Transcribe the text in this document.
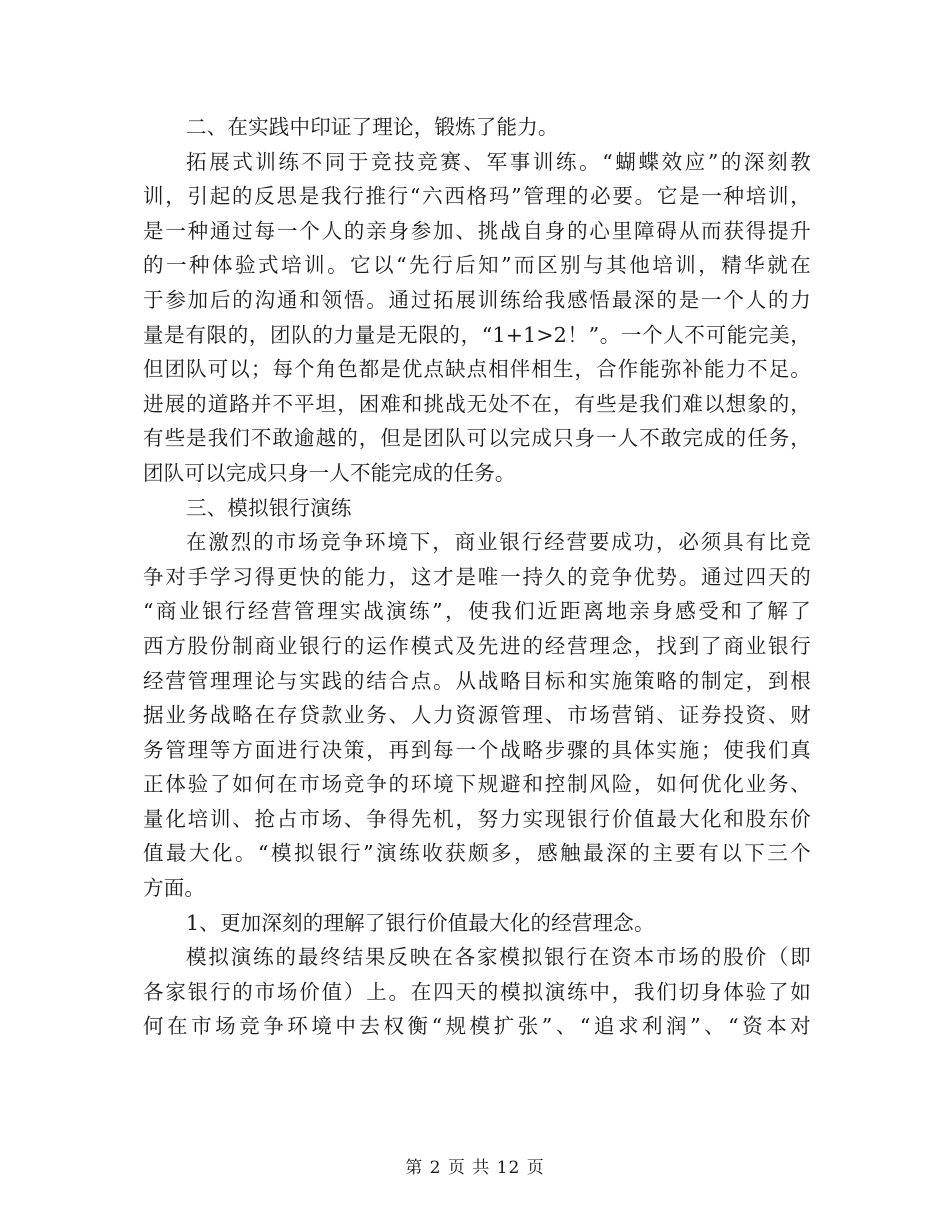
二、在实践中印证了理论，锻炼了能力。
拓展式训练不同于竞技竞赛、军事训练。“蝴蝶效应”的深刻教
训，引起的反思是我行推行“六西格玛”管理的必要。它是一种培训，
是一种通过每一个人的亲身参加、挑战自身的心里障碍从而获得提升
的一种体验式培训。它以“先行后知”而区别与其他培训，精华就在
于参加后的沟通和领悟。通过拓展训练给我感悟最深的是一个人的力
量是有限的，团队的力量是无限的，“1+1>2！”。一个人不可能完美，
但团队可以；每个角色都是优点缺点相伴相生，合作能弥补能力不足。
进展的道路并不平坦，困难和挑战无处不在，有些是我们难以想象的，
有些是我们不敢逾越的，但是团队可以完成只身一人不敢完成的任务，
团队可以完成只身一人不能完成的任务。
三、模拟银行演练
在激烈的市场竞争环境下，商业银行经营要成功，必须具有比竞
争对手学习得更快的能力，这才是唯一持久的竞争优势。通过四天的
“商业银行经营管理实战演练”，使我们近距离地亲身感受和了解了
西方股份制商业银行的运作模式及先进的经营理念，找到了商业银行
经营管理理论与实践的结合点。从战略目标和实施策略的制定，到根
据业务战略在存贷款业务、人力资源管理、市场营销、证券投资、财
务管理等方面进行决策，再到每一个战略步骤的具体实施；使我们真
正体验了如何在市场竞争的环境下规避和控制风险，如何优化业务、
量化培训、抢占市场、争得先机，努力实现银行价值最大化和股东价
值最大化。“模拟银行”演练收获颇多，感触最深的主要有以下三个
方面。
1、更加深刻的理解了银行价值最大化的经营理念。
模拟演练的最终结果反映在各家模拟银行在资本市场的股价（即
各家银行的市场价值）上。在四天的模拟演练中，我们切身体验了如
何在市场竞争环境中去权衡“规模扩张”、“追求利润”、“资本对
第 2 页 共 12 页
